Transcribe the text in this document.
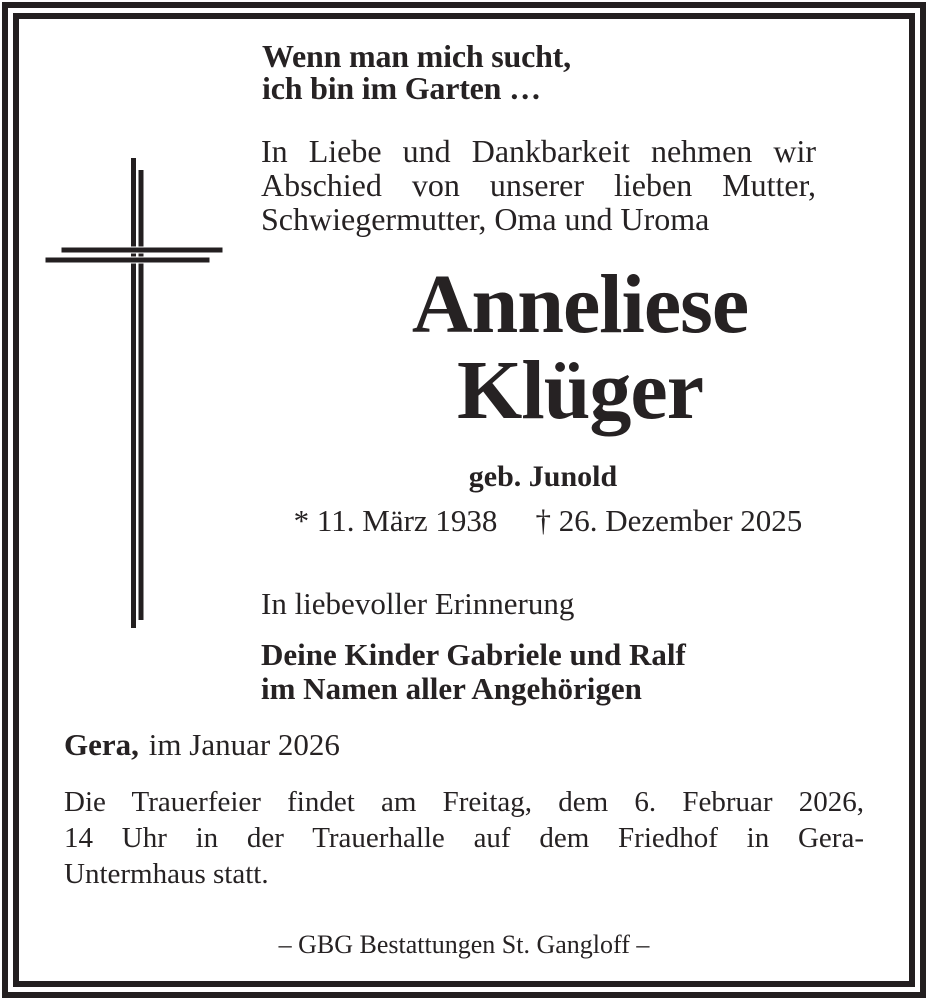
Wenn man mich sucht,
ich bin im Garten …
In Liebe und Dankbarkeit nehmen wir
Abschied von unserer lieben Mutter,
Schwiegermutter, Oma und Uroma
Anneliese
Klüger
geb. Junold
* 11. März 1938 † 26. Dezember 2025
In liebevoller Erinnerung
Deine Kinder Gabriele und Ralf
im Namen aller Angehörigen
Gera, im Januar 2026
Die Trauerfeier findet am Freitag, dem 6. Februar 2026,
14 Uhr in der Trauerhalle auf dem Friedhof in Gera-
Untermhaus statt.
– GBG Bestattungen St. Gangloff –
